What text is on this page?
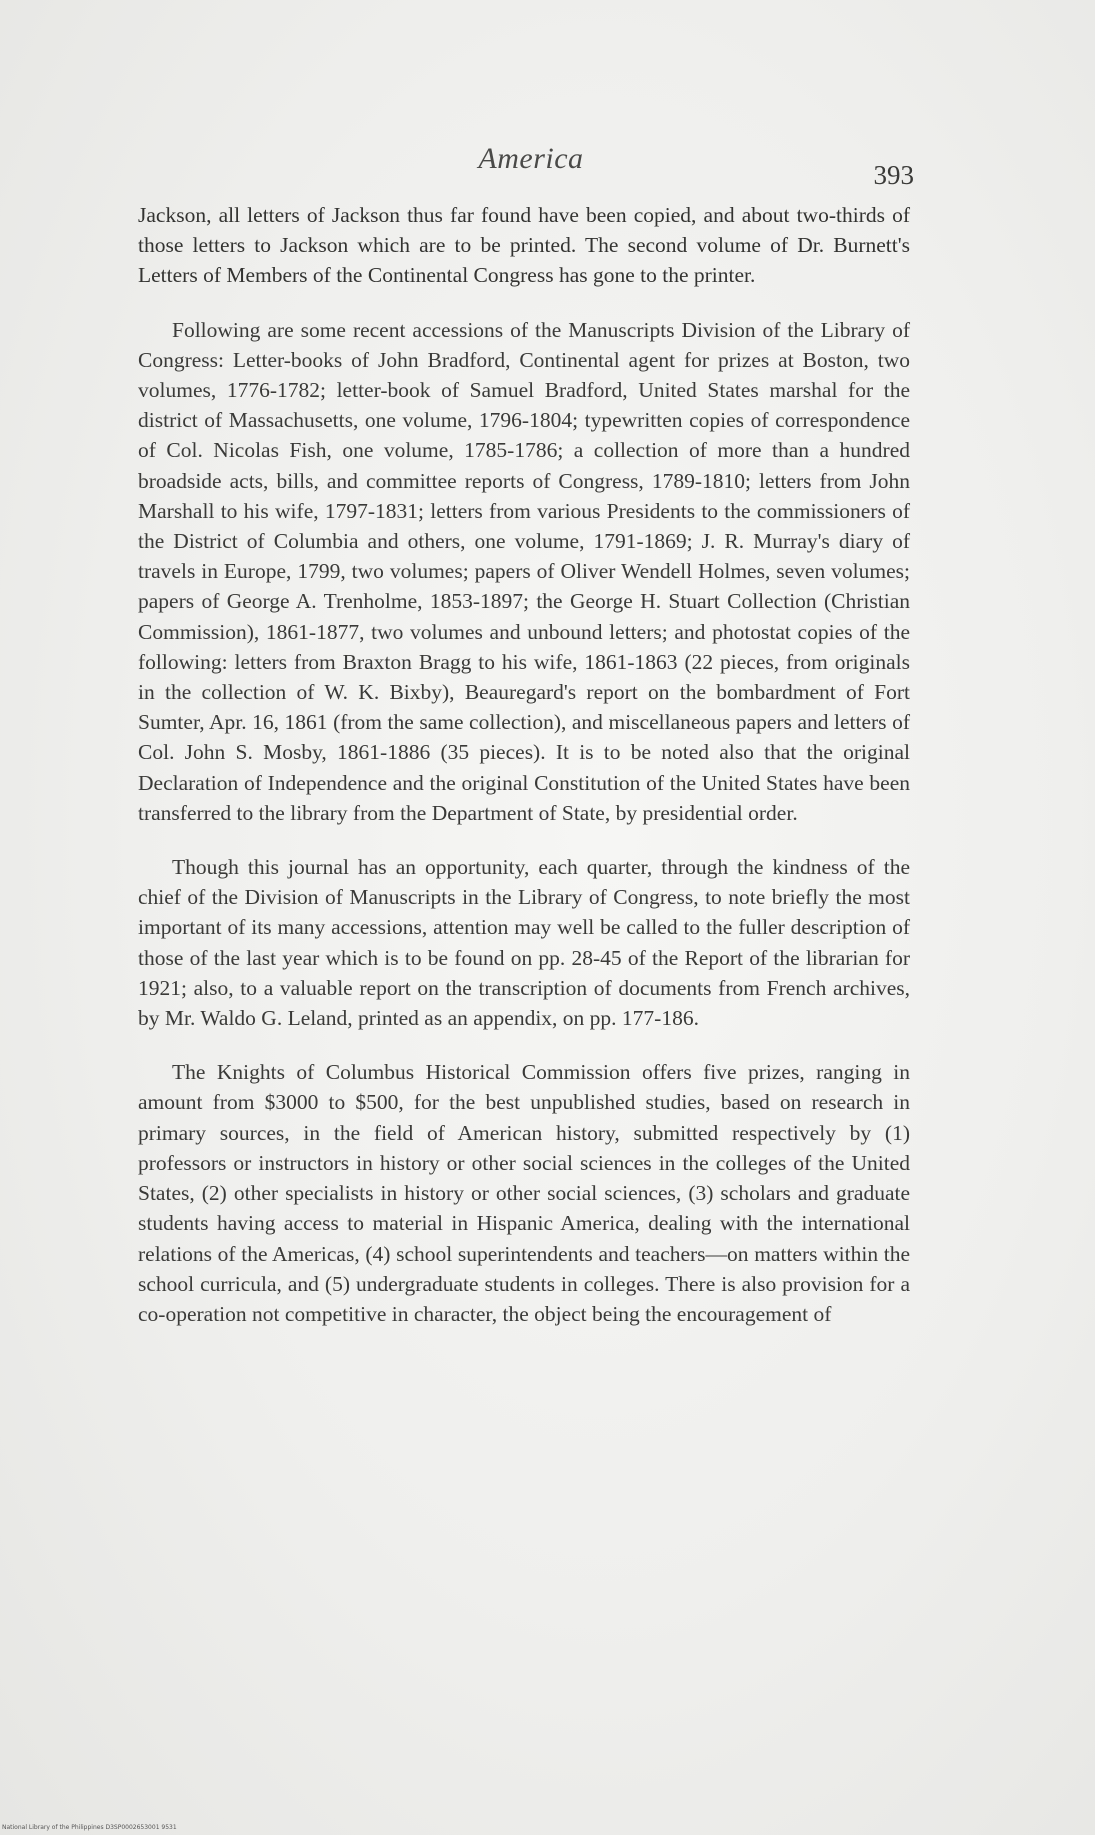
America	393

Jackson, all letters of Jackson thus far found have been copied, and about two-thirds of those letters to Jackson which are to be printed. The second volume of Dr. Burnett's Letters of Members of the Continental Congress has gone to the printer.

Following are some recent accessions of the Manuscripts Division of the Library of Congress: Letter-books of John Bradford, Continental agent for prizes at Boston, two volumes, 1776-1782; letter-book of Samuel Bradford, United States marshal for the district of Massachusetts, one volume, 1796-1804; typewritten copies of correspondence of Col. Nicolas Fish, one volume, 1785-1786; a collection of more than a hundred broadside acts, bills, and committee reports of Congress, 1789-1810; letters from John Marshall to his wife, 1797-1831; letters from various Presidents to the commissioners of the District of Columbia and others, one volume, 1791-1869; J. R. Murray's diary of travels in Europe, 1799, two volumes; papers of Oliver Wendell Holmes, seven volumes; papers of George A. Trenholme, 1853-1897; the George H. Stuart Collection (Christian Commission), 1861-1877, two volumes and unbound letters; and photostat copies of the following: letters from Braxton Bragg to his wife, 1861-1863 (22 pieces, from originals in the collection of W. K. Bixby), Beauregard's report on the bombardment of Fort Sumter, Apr. 16, 1861 (from the same collection), and miscellaneous papers and letters of Col. John S. Mosby, 1861-1886 (35 pieces). It is to be noted also that the original Declaration of Independence and the original Constitution of the United States have been transferred to the library from the Department of State, by presidential order.

Though this journal has an opportunity, each quarter, through the kindness of the chief of the Division of Manuscripts in the Library of Congress, to note briefly the most important of its many accessions, attention may well be called to the fuller description of those of the last year which is to be found on pp. 28-45 of the Report of the librarian for 1921; also, to a valuable report on the transcription of documents from French archives, by Mr. Waldo G. Leland, printed as an appendix, on pp. 177-186.

The Knights of Columbus Historical Commission offers five prizes, ranging in amount from $3000 to $500, for the best unpublished studies, based on research in primary sources, in the field of American history, submitted respectively by (1) professors or instructors in history or other social sciences in the colleges of the United States, (2) other specialists in history or other social sciences, (3) scholars and graduate students having access to material in Hispanic America, dealing with the international relations of the Americas, (4) school superintendents and teachers—on matters within the school curricula, and (5) undergraduate students in colleges. There is also provision for a co-operation not competitive in character, the object being the encouragement of

National Library of the Philippines D3SP0002653001 9531
